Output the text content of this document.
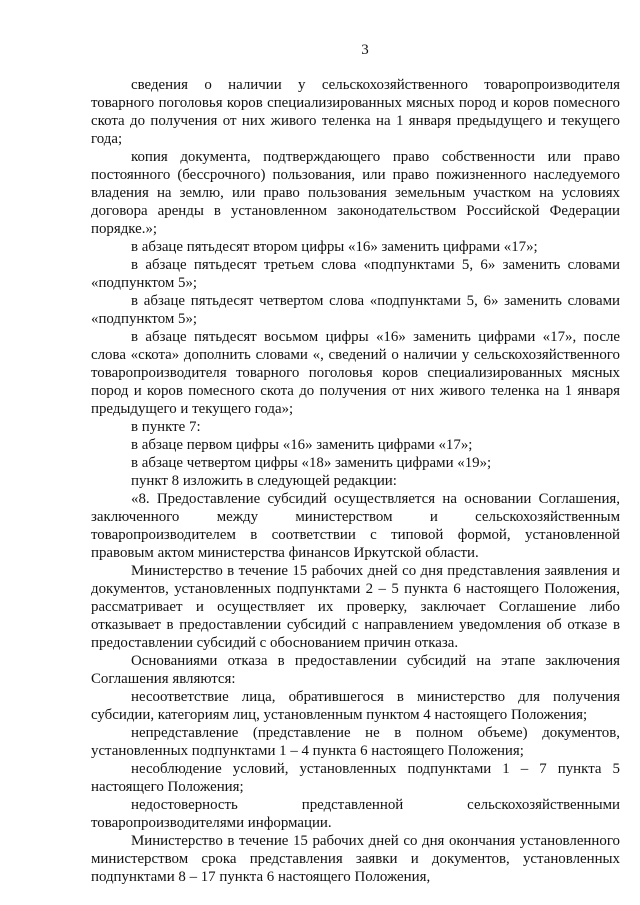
3

сведения о наличии у сельскохозяйственного товаропроизводителя товарного поголовья коров специализированных мясных пород и коров помесного скота до получения от них живого теленка на 1 января предыдущего и текущего года;

копия документа, подтверждающего право собственности или право постоянного (бессрочного) пользования, или право пожизненного наследуемого владения на землю, или право пользования земельным участком на условиях договора аренды в установленном законодательством Российской Федерации порядке.»;

в абзаце пятьдесят втором цифры «16» заменить цифрами «17»;

в абзаце пятьдесят третьем слова «подпунктами 5, 6» заменить словами «подпунктом 5»;

в абзаце пятьдесят четвертом слова «подпунктами 5, 6» заменить словами «подпунктом 5»;

в абзаце пятьдесят восьмом цифры «16» заменить цифрами «17», после слова «скота» дополнить словами «, сведений о наличии у сельскохозяйственного товаропроизводителя товарного поголовья коров специализированных мясных пород и коров помесного скота до получения от них живого теленка на 1 января предыдущего и текущего года»;

в пункте 7:

в абзаце первом цифры «16» заменить цифрами «17»;

в абзаце четвертом цифры «18» заменить цифрами «19»;

пункт 8 изложить в следующей редакции:

«8. Предоставление субсидий осуществляется на основании Соглашения, заключенного между министерством и сельскохозяйственным товаропроизводителем в соответствии с типовой формой, установленной правовым актом министерства финансов Иркутской области.

Министерство в течение 15 рабочих дней со дня представления заявления и документов, установленных подпунктами 2 – 5 пункта 6 настоящего Положения, рассматривает и осуществляет их проверку, заключает Соглашение либо отказывает в предоставлении субсидий с направлением уведомления об отказе в предоставлении субсидий с обоснованием причин отказа.

Основаниями отказа в предоставлении субсидий на этапе заключения Соглашения являются:

несоответствие лица, обратившегося в министерство для получения субсидии, категориям лиц, установленным пунктом 4 настоящего Положения;

непредставление (представление не в полном объеме) документов, установленных подпунктами 1 – 4 пункта 6 настоящего Положения;

несоблюдение условий, установленных подпунктами 1 – 7 пункта 5 настоящего Положения;

недостоверность представленной сельскохозяйственными товаропроизводителями информации.

Министерство в течение 15 рабочих дней со дня окончания установленного министерством срока представления заявки и документов, установленных подпунктами 8 – 17 пункта 6 настоящего Положения,
